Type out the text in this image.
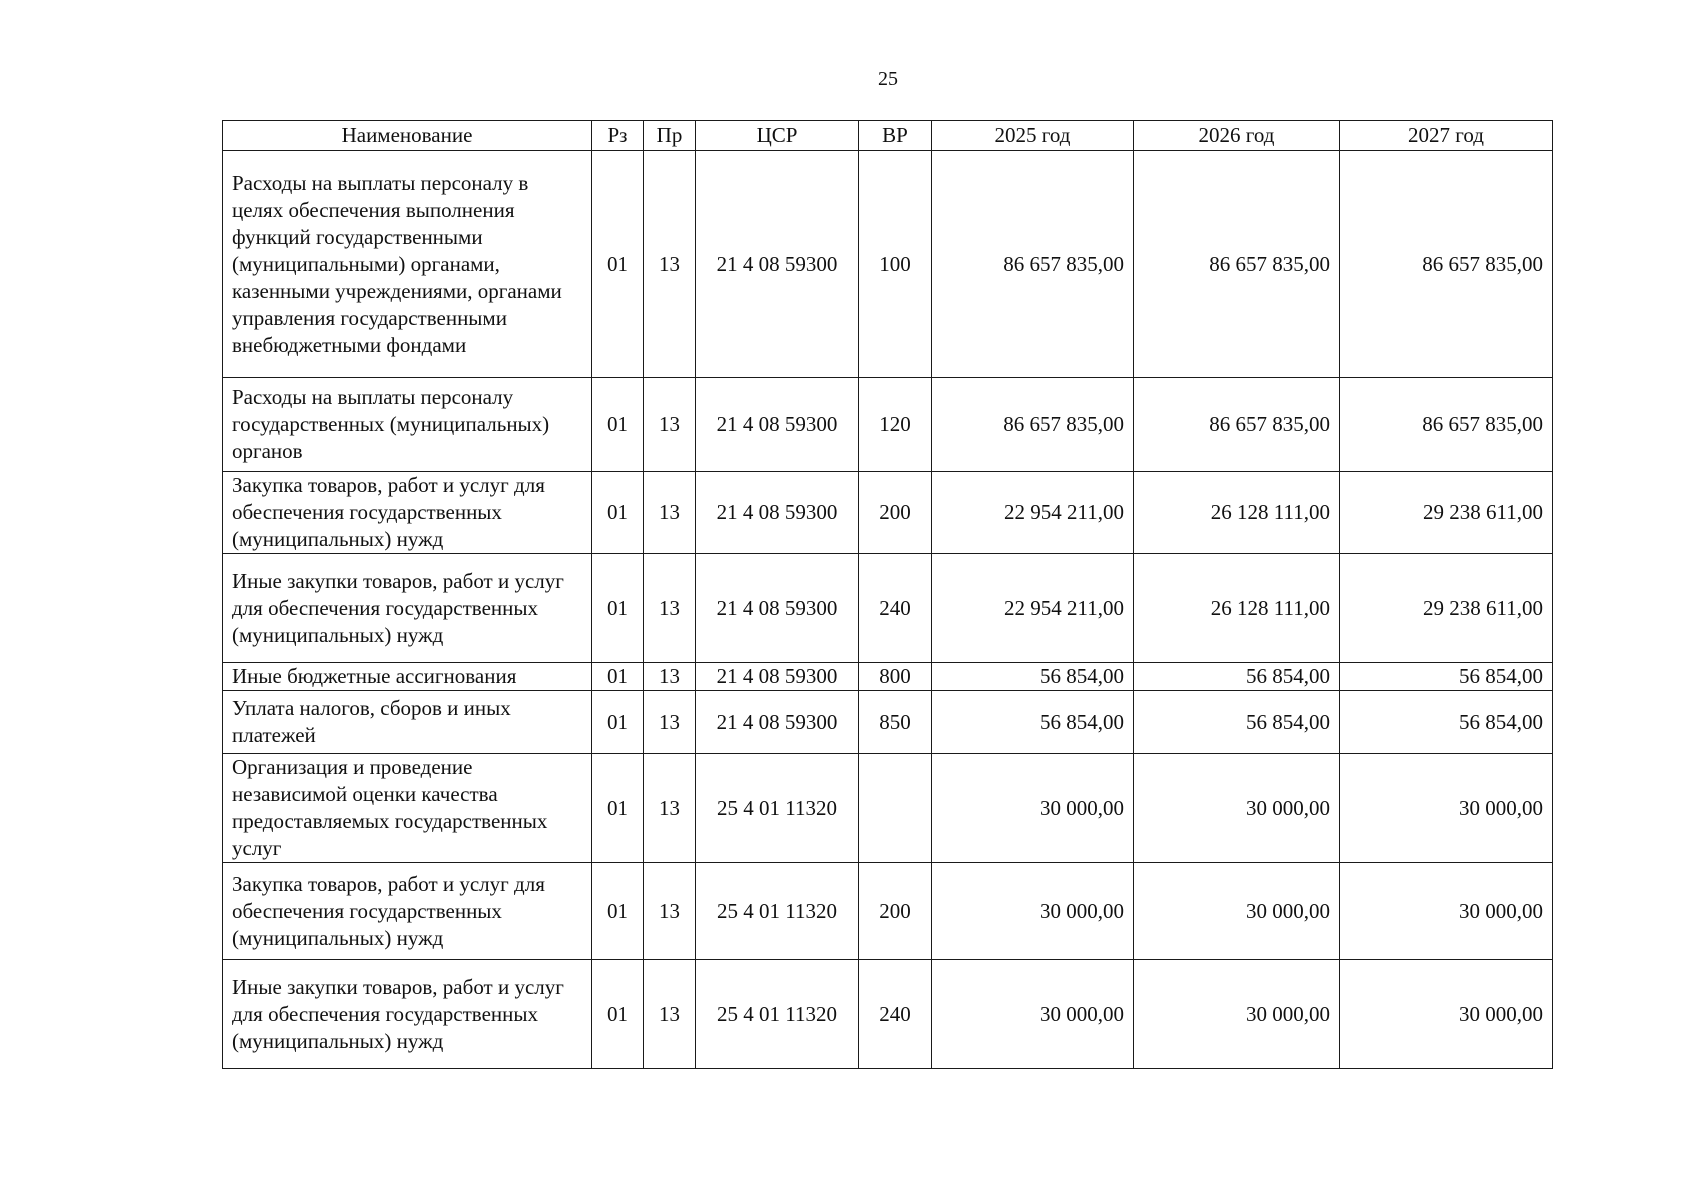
25
Наименование	Рз	Пр	ЦСР	ВР	2025 год	2026 год	2027 год
Расходы на выплаты персоналу в целях обеспечения выполнения функций государственными (муниципальными) органами, казенными учреждениями, органами управления государственными внебюджетными фондами	01	13	21 4 08 59300	100	86 657 835,00	86 657 835,00	86 657 835,00
Расходы на выплаты персоналу государственных (муниципальных) органов	01	13	21 4 08 59300	120	86 657 835,00	86 657 835,00	86 657 835,00
Закупка товаров, работ и услуг для обеспечения государственных (муниципальных) нужд	01	13	21 4 08 59300	200	22 954 211,00	26 128 111,00	29 238 611,00
Иные закупки товаров, работ и услуг для обеспечения государственных (муниципальных) нужд	01	13	21 4 08 59300	240	22 954 211,00	26 128 111,00	29 238 611,00
Иные бюджетные ассигнования	01	13	21 4 08 59300	800	56 854,00	56 854,00	56 854,00
Уплата налогов, сборов и иных платежей	01	13	21 4 08 59300	850	56 854,00	56 854,00	56 854,00
Организация и проведение независимой оценки качества предоставляемых государственных услуг	01	13	25 4 01 11320		30 000,00	30 000,00	30 000,00
Закупка товаров, работ и услуг для обеспечения государственных (муниципальных) нужд	01	13	25 4 01 11320	200	30 000,00	30 000,00	30 000,00
Иные закупки товаров, работ и услуг для обеспечения государственных (муниципальных) нужд	01	13	25 4 01 11320	240	30 000,00	30 000,00	30 000,00
